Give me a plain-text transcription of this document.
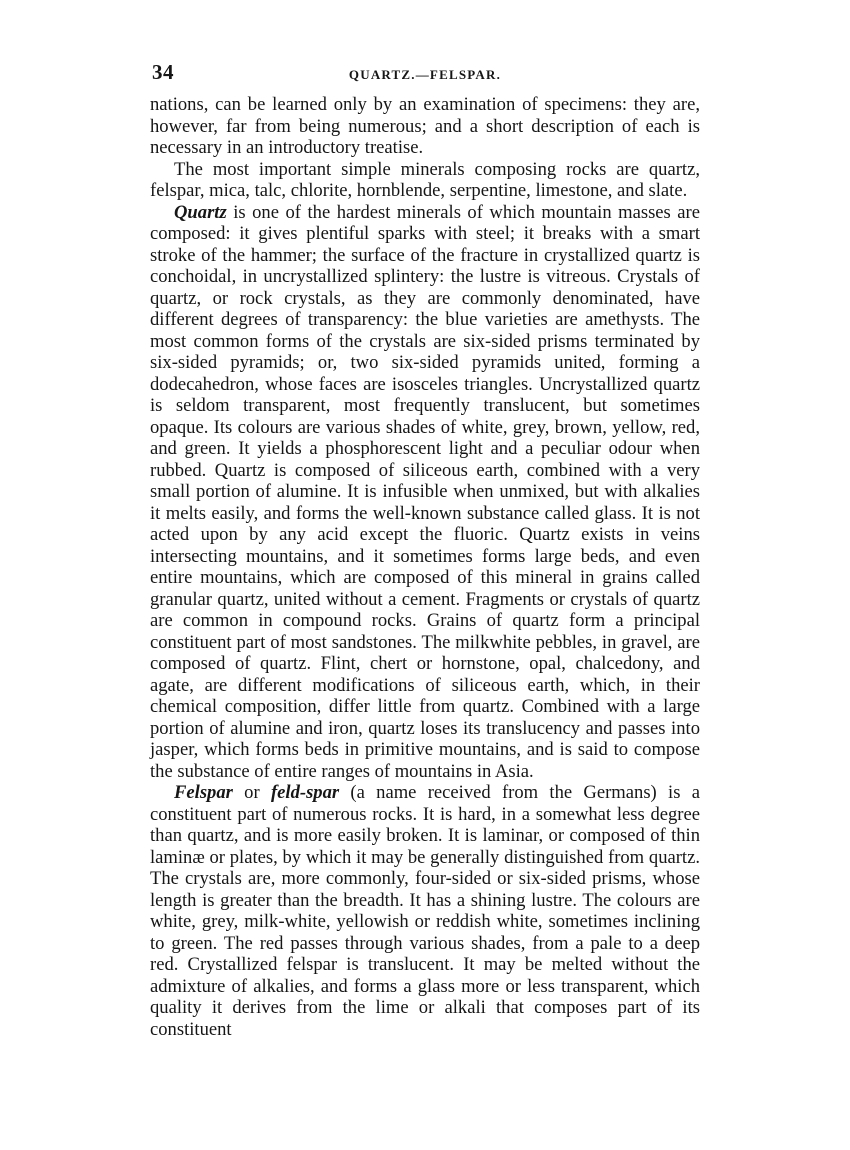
34	QUARTZ.—FELSPAR.

nations, can be learned only by an examination of specimens: they are, however, far from being numerous; and a short description of each is necessary in an introductory treatise.

The most important simple minerals composing rocks are quartz, felspar, mica, talc, chlorite, hornblende, serpentine, limestone, and slate.

Quartz is one of the hardest minerals of which mountain masses are composed: it gives plentiful sparks with steel; it breaks with a smart stroke of the hammer; the surface of the fracture in crystallized quartz is conchoidal, in uncrystallized splintery: the lustre is vitreous. Crystals of quartz, or rock crystals, as they are commonly denominated, have different degrees of transparency: the blue varieties are amethysts. The most common forms of the crystals are six-sided prisms terminated by six-sided pyramids; or, two six-sided pyramids united, forming a dodecahedron, whose faces are isosceles triangles. Uncrystallized quartz is seldom transparent, most frequently translucent, but sometimes opaque. Its colours are various shades of white, grey, brown, yellow, red, and green. It yields a phosphorescent light and a peculiar odour when rubbed. Quartz is composed of siliceous earth, combined with a very small portion of alumine. It is infusible when unmixed, but with alkalies it melts easily, and forms the well-known substance called glass. It is not acted upon by any acid except the fluoric. Quartz exists in veins intersecting mountains, and it sometimes forms large beds, and even entire mountains, which are composed of this mineral in grains called granular quartz, united without a cement. Fragments or crystals of quartz are common in compound rocks. Grains of quartz form a principal constituent part of most sandstones. The milkwhite pebbles, in gravel, are composed of quartz. Flint, chert or hornstone, opal, chalcedony, and agate, are different modifications of siliceous earth, which, in their chemical composition, differ little from quartz. Combined with a large portion of alumine and iron, quartz loses its translucency and passes into jasper, which forms beds in primitive mountains, and is said to compose the substance of entire ranges of mountains in Asia.

Felspar or feld-spar (a name received from the Germans) is a constituent part of numerous rocks. It is hard, in a somewhat less degree than quartz, and is more easily broken. It is laminar, or composed of thin laminæ or plates, by which it may be generally distinguished from quartz. The crystals are, more commonly, four-sided or six-sided prisms, whose length is greater than the breadth. It has a shining lustre. The colours are white, grey, milk-white, yellowish or reddish white, sometimes inclining to green. The red passes through various shades, from a pale to a deep red. Crystallized felspar is translucent. It may be melted without the admixture of alkalies, and forms a glass more or less transparent, which quality it derives from the lime or alkali that composes part of its constituent
